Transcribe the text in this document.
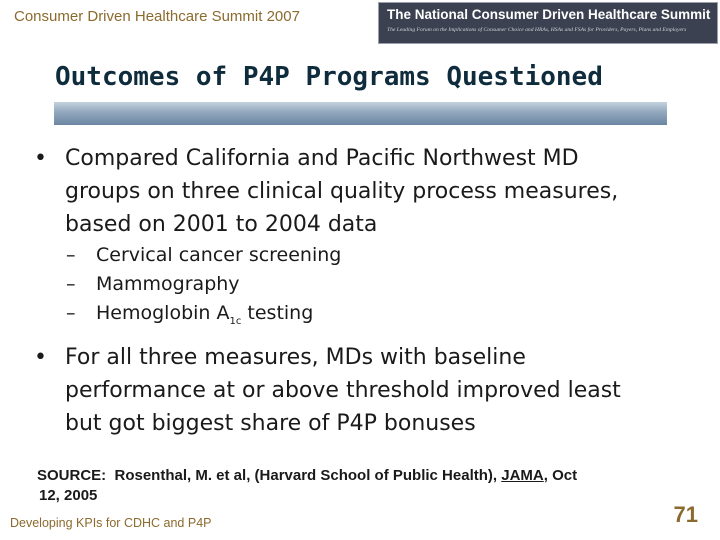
Consumer Driven Healthcare Summit 2007	The National Consumer Driven Healthcare Summit
The Leading Forum on the Implications of Consumer Choice and HRAs, HSAs and FSAs for Providers, Payers, Plans and Employers
Outcomes of P4P Programs Questioned
• Compared California and Pacific Northwest MD
groups on three clinical quality process measures,
based on 2001 to 2004 data
– Cervical cancer screening
– Mammography
– Hemoglobin $A_{1c}$ testing
• For all three measures, MDs with baseline
performance at or above threshold improved least
but got biggest share of P4P bonuses
SOURCE:  Rosenthal, M. et al, (Harvard School of Public Health), JAMA, Oct
12, 2005
Developing KPIs for CDHC and P4P	71
